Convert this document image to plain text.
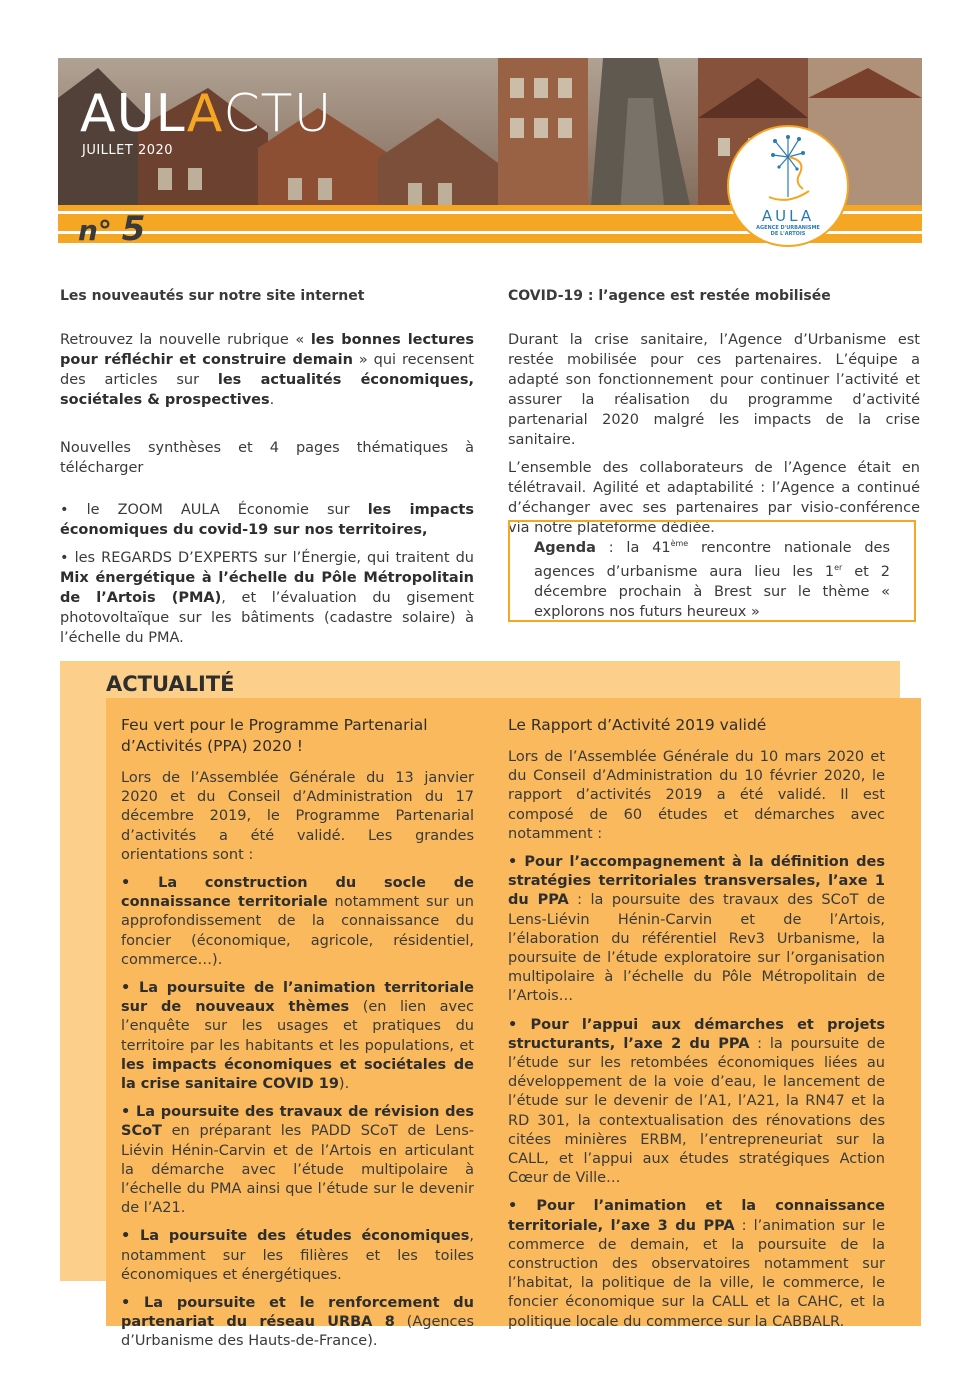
AULACTU
JUILLET 2020
n° 5	AULA
AGENCE D'URBANISME DE L'ARTOIS

Les nouveautés sur notre site internet

Retrouvez la nouvelle rubrique « les bonnes lectures pour réfléchir et construire demain » qui recensent des articles sur les actualités économiques, sociétales & prospectives.

Nouvelles synthèses et 4 pages thématiques à télécharger

• le ZOOM AULA Économie sur les impacts économiques du covid-19 sur nos territoires,

• les REGARDS D’EXPERTS sur l’Énergie, qui traitent du Mix énergétique à l’échelle du Pôle Métropolitain de l’Artois (PMA), et l’évaluation du gisement photovoltaïque sur les bâtiments (cadastre solaire) à l’échelle du PMA.

COVID-19 : l’agence est restée mobilisée

Durant la crise sanitaire, l’Agence d’Urbanisme est restée mobilisée pour ces partenaires. L’équipe a adapté son fonctionnement pour continuer l’activité et assurer la réalisation du programme d’activité partenarial 2020 malgré les impacts de la crise sanitaire.

L’ensemble des collaborateurs de l’Agence était en télétravail. Agilité et adaptabilité : l’Agence a continué d’échanger avec ses partenaires par visio-conférence via notre plateforme dédiée.

Agenda : la 41ème rencontre nationale des agences d’urbanisme aura lieu les 1er et 2 décembre prochain à Brest sur le thème « explorons nos futurs heureux »
ACTUALITÉ

Feu vert pour le Programme Partenarial d’Activités (PPA) 2020 !

Lors de l’Assemblée Générale du 13 janvier 2020 et du Conseil d’Administration du 17 décembre 2019, le Programme Partenarial d’activités a été validé. Les grandes orientations sont :

• La construction du socle de connaissance territoriale notamment sur un approfondissement de la connaissance du foncier (économique, agricole, résidentiel, commerce…).

• La poursuite de l’animation territoriale sur de nouveaux thèmes (en lien avec l’enquête sur les usages et pratiques du territoire par les habitants et les populations, et les impacts économiques et sociétales de la crise sanitaire COVID 19).

• La poursuite des travaux de révision des SCoT en préparant les PADD SCoT de Lens-Liévin Hénin-Carvin et de l’Artois en articulant la démarche avec l’étude multipolaire à l’échelle du PMA ainsi que l’étude sur le devenir de l’A21.

• La poursuite des études économiques, notamment sur les filières et les toiles économiques et énergétiques.

• La poursuite et le renforcement du partenariat du réseau URBA 8 (Agences d’Urbanisme des Hauts-de-France).

Le Rapport d’Activité 2019 validé

Lors de l’Assemblée Générale du 10 mars 2020 et du Conseil d’Administration du 10 février 2020, le rapport d’activités 2019 a été validé. Il est composé de 60 études et démarches avec notamment :

• Pour l’accompagnement à la définition des stratégies territoriales transversales, l’axe 1 du PPA : la poursuite des travaux des SCoT de Lens-Liévin Hénin-Carvin et de l’Artois, l’élaboration du référentiel Rev3 Urbanisme, la poursuite de l’étude exploratoire sur l’organisation multipolaire à l’échelle du Pôle Métropolitain de l’Artois…

• Pour l’appui aux démarches et projets structurants, l’axe 2 du PPA : la poursuite de l’étude sur les retombées économiques liées au développement de la voie d’eau, le lancement de l’étude sur le devenir de l’A1, l’A21, la RN47 et la RD 301, la contextualisation des rénovations des citées minières ERBM, l’entrepreneuriat sur la CALL, et l’appui aux études stratégiques Action Cœur de Ville…

• Pour l’animation et la connaissance territoriale, l’axe 3 du PPA : l’animation sur le commerce de demain, et la poursuite de la construction des observatoires notamment sur l’habitat, la politique de la ville, le commerce, le foncier économique sur la CALL et la CAHC, et la politique locale du commerce sur la CABBALR.
